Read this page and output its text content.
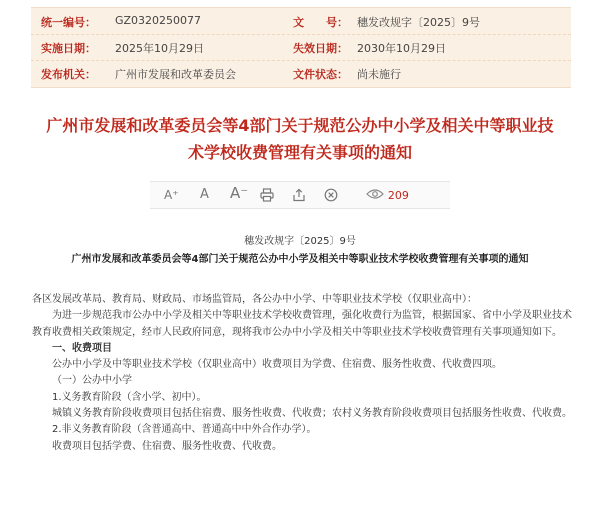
统一编号： GZ0320250077	文　　号： 穗发改规字〔2025〕9号
实施日期： 2025年10月29日	失效日期： 2030年10月29日
发布机关： 广州市发展和改革委员会	文件状态： 尚未施行
广州市发展和改革委员会等4部门关于规范公办中小学及相关中等职业技术学校收费管理有关事项的通知
A⁺ A A⁻	209
穗发改规字〔2025〕9号
广州市发展和改革委员会等4部门关于规范公办中小学及相关中等职业技术学校收费管理有关事项的通知

各区发展改革局、教育局、财政局、市场监管局，各公办中小学、中等职业技术学校（仅职业高中）：

为进一步规范我市公办中小学及相关中等职业技术学校收费管理，强化收费行为监管，根据国家、省中小学及职业技术教育收费相关政策规定，经市人民政府同意，现将我市公办中小学及相关中等职业技术学校收费管理有关事项通知如下。

一、收费项目

公办中小学及中等职业技术学校（仅职业高中）收费项目为学费、住宿费、服务性收费、代收费四项。

（一）公办中小学

1.义务教育阶段（含小学、初中）。

城镇义务教育阶段收费项目包括住宿费、服务性收费、代收费；农村义务教育阶段收费项目包括服务性收费、代收费。

2.非义务教育阶段（含普通高中、普通高中中外合作办学）。

收费项目包括学费、住宿费、服务性收费、代收费。
